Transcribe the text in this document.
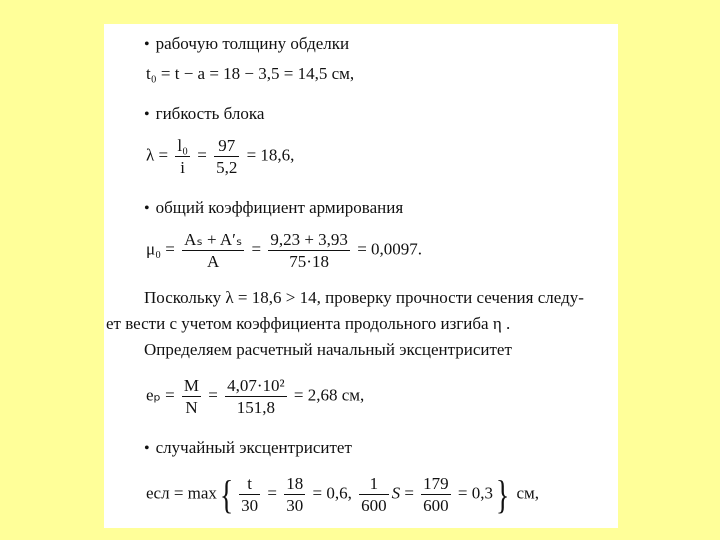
• рабочую толщину обделки
t₀ = t − a = 18 − 3,5 = 14,5 см,
• гибкость блока
$\lambda = \frac{\text{l₀}}{i} = \frac{97}{5,2} = 18,6$,
• общий коэффициент армирования
$\mu_0 = \frac{\text{Aₛ + A′ₛ}}{A} = \frac{9,23 + 3,93}{75\cdot 18} = 0,0097$.
Поскольку λ = 18,6 > 14, проверку прочности сечения следу-
ет вести с учетом коэффициента продольного изгиба η .
Определяем расчетный начальный эксцентриситет
$e_p = \frac{M}{N} = \frac{\text{4,07·10²}}{151,8} = 2,68$ см,
• случайный эксцентриситет
eсл = $\max\{ \frac{t}{30} = \frac{18}{30} = 0,6$, $\frac{1}{600}$ $S = \frac{179}{600} = 0,3$} см,
